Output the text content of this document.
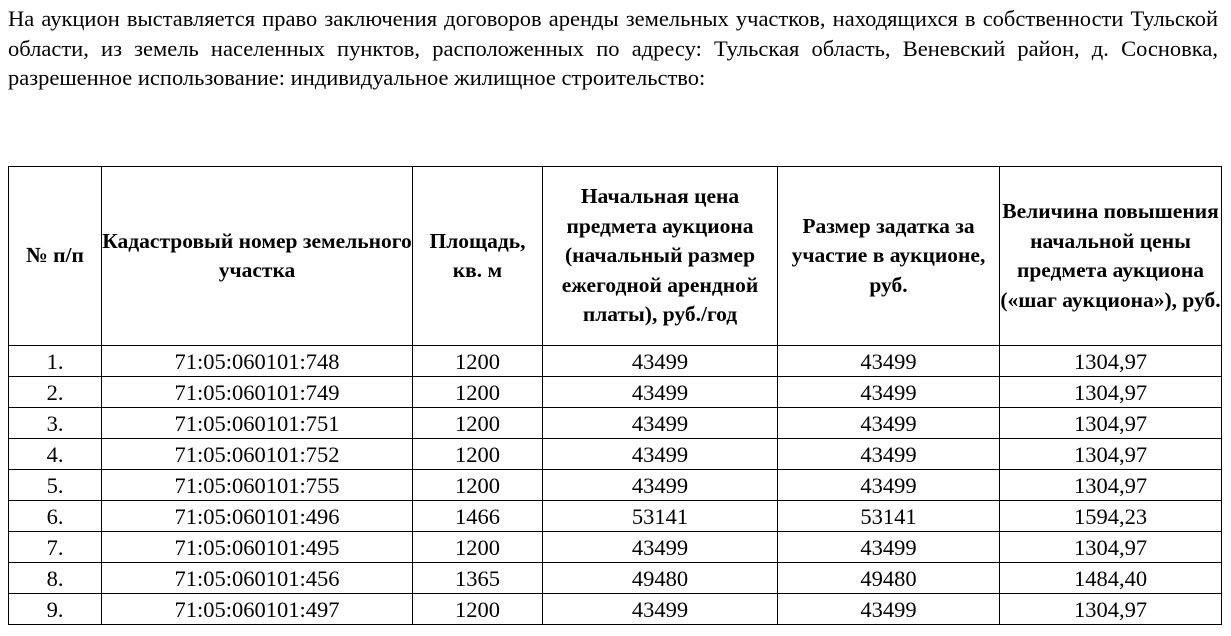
На аукцион выставляется право заключения договоров аренды земельных участков, находящихся в собственности Тульской области, из земель населенных пунктов, расположенных по адресу: Тульская область, Веневский район, д. Сосновка, разрешенное использование: индивидуальное жилищное строительство:

№ п/п	Кадастровый номер земельного участка	Площадь, кв. м	Начальная цена предмета аукциона (начальный размер ежегодной арендной платы), руб./год	Размер задатка за участие в аукционе, руб.	Величина повышения начальной цены предмета аукциона («шаг аукциона»), руб.
1.	71:05:060101:748	1200	43499	43499	1304,97
2.	71:05:060101:749	1200	43499	43499	1304,97
3.	71:05:060101:751	1200	43499	43499	1304,97
4.	71:05:060101:752	1200	43499	43499	1304,97
5.	71:05:060101:755	1200	43499	43499	1304,97
6.	71:05:060101:496	1466	53141	53141	1594,23
7.	71:05:060101:495	1200	43499	43499	1304,97
8.	71:05:060101:456	1365	49480	49480	1484,40
9.	71:05:060101:497	1200	43499	43499	1304,97
